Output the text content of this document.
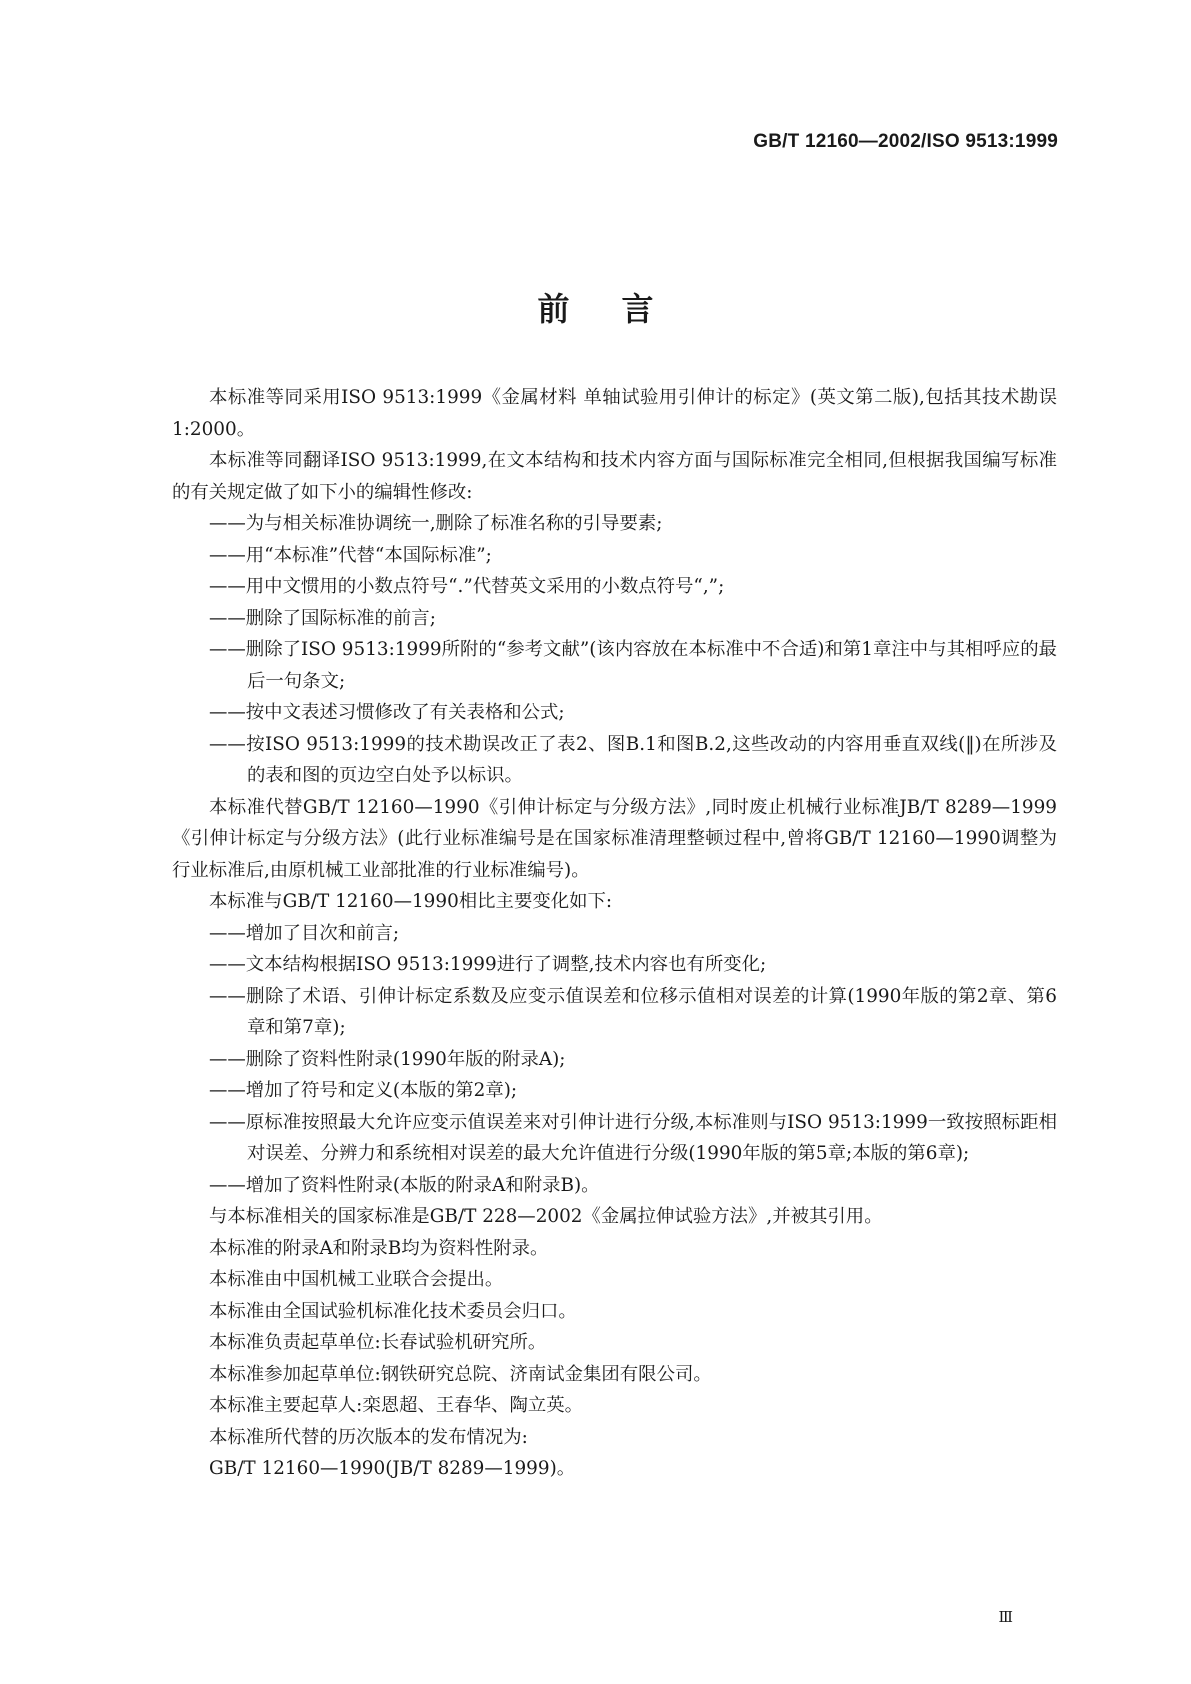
GB/T 12160—2002/ISO 9513:1999
前言

本标准等同采用ISO 9513:1999《金属材料 单轴试验用引伸计的标定》(英文第二版),包括其技术勘误1:2000。

本标准等同翻译ISO 9513:1999,在文本结构和技术内容方面与国际标准完全相同,但根据我国编写标准的有关规定做了如下小的编辑性修改:

——为与相关标准协调统一,删除了标准名称的引导要素;

——用“本标准”代替“本国际标准”;

——用中文惯用的小数点符号“.”代替英文采用的小数点符号“,”;

——删除了国际标准的前言;

——删除了ISO 9513:1999所附的“参考文献”(该内容放在本标准中不合适)和第1章注中与其相呼应的最后一句条文;

——按中文表述习惯修改了有关表格和公式;

——按ISO 9513:1999的技术勘误改正了表2、图B.1和图B.2,这些改动的内容用垂直双线(‖)在所涉及的表和图的页边空白处予以标识。

本标准代替GB/T 12160—1990《引伸计标定与分级方法》,同时废止机械行业标准JB/T 8289—1999《引伸计标定与分级方法》(此行业标准编号是在国家标准清理整顿过程中,曾将GB/T 12160—1990调整为行业标准后,由原机械工业部批准的行业标准编号)。

本标准与GB/T 12160—1990相比主要变化如下:

——增加了目次和前言;

——文本结构根据ISO 9513:1999进行了调整,技术内容也有所变化;

——删除了术语、引伸计标定系数及应变示值误差和位移示值相对误差的计算(1990年版的第2章、第6章和第7章);

——删除了资料性附录(1990年版的附录A);

——增加了符号和定义(本版的第2章);

——原标准按照最大允许应变示值误差来对引伸计进行分级,本标准则与ISO 9513:1999一致按照标距相对误差、分辨力和系统相对误差的最大允许值进行分级(1990年版的第5章;本版的第6章);

——增加了资料性附录(本版的附录A和附录B)。

与本标准相关的国家标准是GB/T 228—2002《金属拉伸试验方法》,并被其引用。

本标准的附录A和附录B均为资料性附录。

本标准由中国机械工业联合会提出。

本标准由全国试验机标准化技术委员会归口。

本标准负责起草单位:长春试验机研究所。

本标准参加起草单位:钢铁研究总院、济南试金集团有限公司。

本标准主要起草人:栾恩超、王春华、陶立英。

本标准所代替的历次版本的发布情况为:

GB/T 12160—1990(JB/T 8289—1999)。

Ⅲ
